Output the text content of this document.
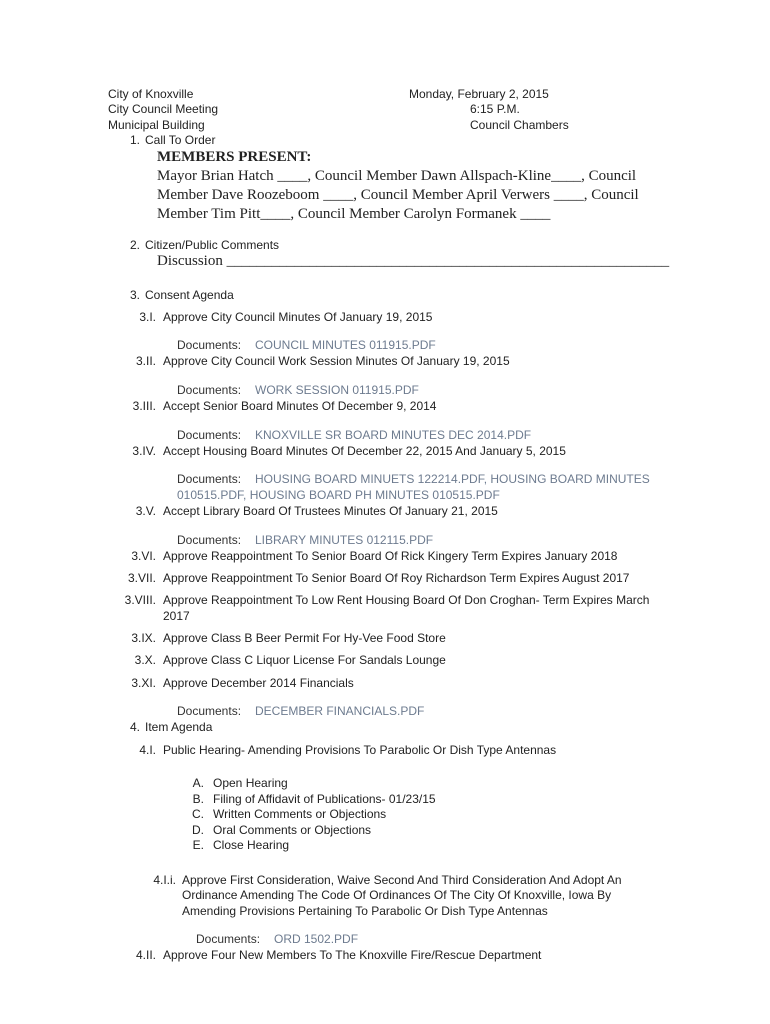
City of Knoxville
City Council Meeting
Municipal Building
Monday, February 2, 2015
6:15 P.M.
Council Chambers
1. Call To Order
MEMBERS PRESENT:
Mayor Brian Hatch ____, Council Member Dawn Allspach-Kline____, Council
Member Dave Roozeboom ____, Council Member April Verwers ____, Council
Member Tim Pitt____, Council Member Carolyn Formanek ____
2. Citizen/Public Comments
Discussion ___________________________________________________________
3. Consent Agenda
3.I. Approve City Council Minutes Of January 19, 2015
Documents: COUNCIL MINUTES 011915.PDF
3.II. Approve City Council Work Session Minutes Of January 19, 2015
Documents: WORK SESSION 011915.PDF
3.III. Accept Senior Board Minutes Of December 9, 2014
Documents: KNOXVILLE SR BOARD MINUTES DEC 2014.PDF
3.IV. Accept Housing Board Minutes Of December 22, 2015 And January 5, 2015
Documents: HOUSING BOARD MINUETS 122214.PDF, HOUSING BOARD MINUTES
010515.PDF, HOUSING BOARD PH MINUTES 010515.PDF
3.V. Accept Library Board Of Trustees Minutes Of January 21, 2015
Documents: LIBRARY MINUTES 012115.PDF
3.VI. Approve Reappointment To Senior Board Of Rick Kingery Term Expires January 2018
3.VII. Approve Reappointment To Senior Board Of Roy Richardson Term Expires August 2017
3.VIII. Approve Reappointment To Low Rent Housing Board Of Don Croghan- Term Expires March
2017
3.IX. Approve Class B Beer Permit For Hy-Vee Food Store
3.X. Approve Class C Liquor License For Sandals Lounge
3.XI. Approve December 2014 Financials
Documents: DECEMBER FINANCIALS.PDF
4. Item Agenda
4.I. Public Hearing- Amending Provisions To Parabolic Or Dish Type Antennas
A. Open Hearing
B. Filing of Affidavit of Publications- 01/23/15
C. Written Comments or Objections
D. Oral Comments or Objections
E. Close Hearing
4.I.i. Approve First Consideration, Waive Second And Third Consideration And Adopt An
Ordinance Amending The Code Of Ordinances Of The City Of Knoxville, Iowa By
Amending Provisions Pertaining To Parabolic Or Dish Type Antennas
Documents: ORD 1502.PDF
4.II. Approve Four New Members To The Knoxville Fire/Rescue Department
